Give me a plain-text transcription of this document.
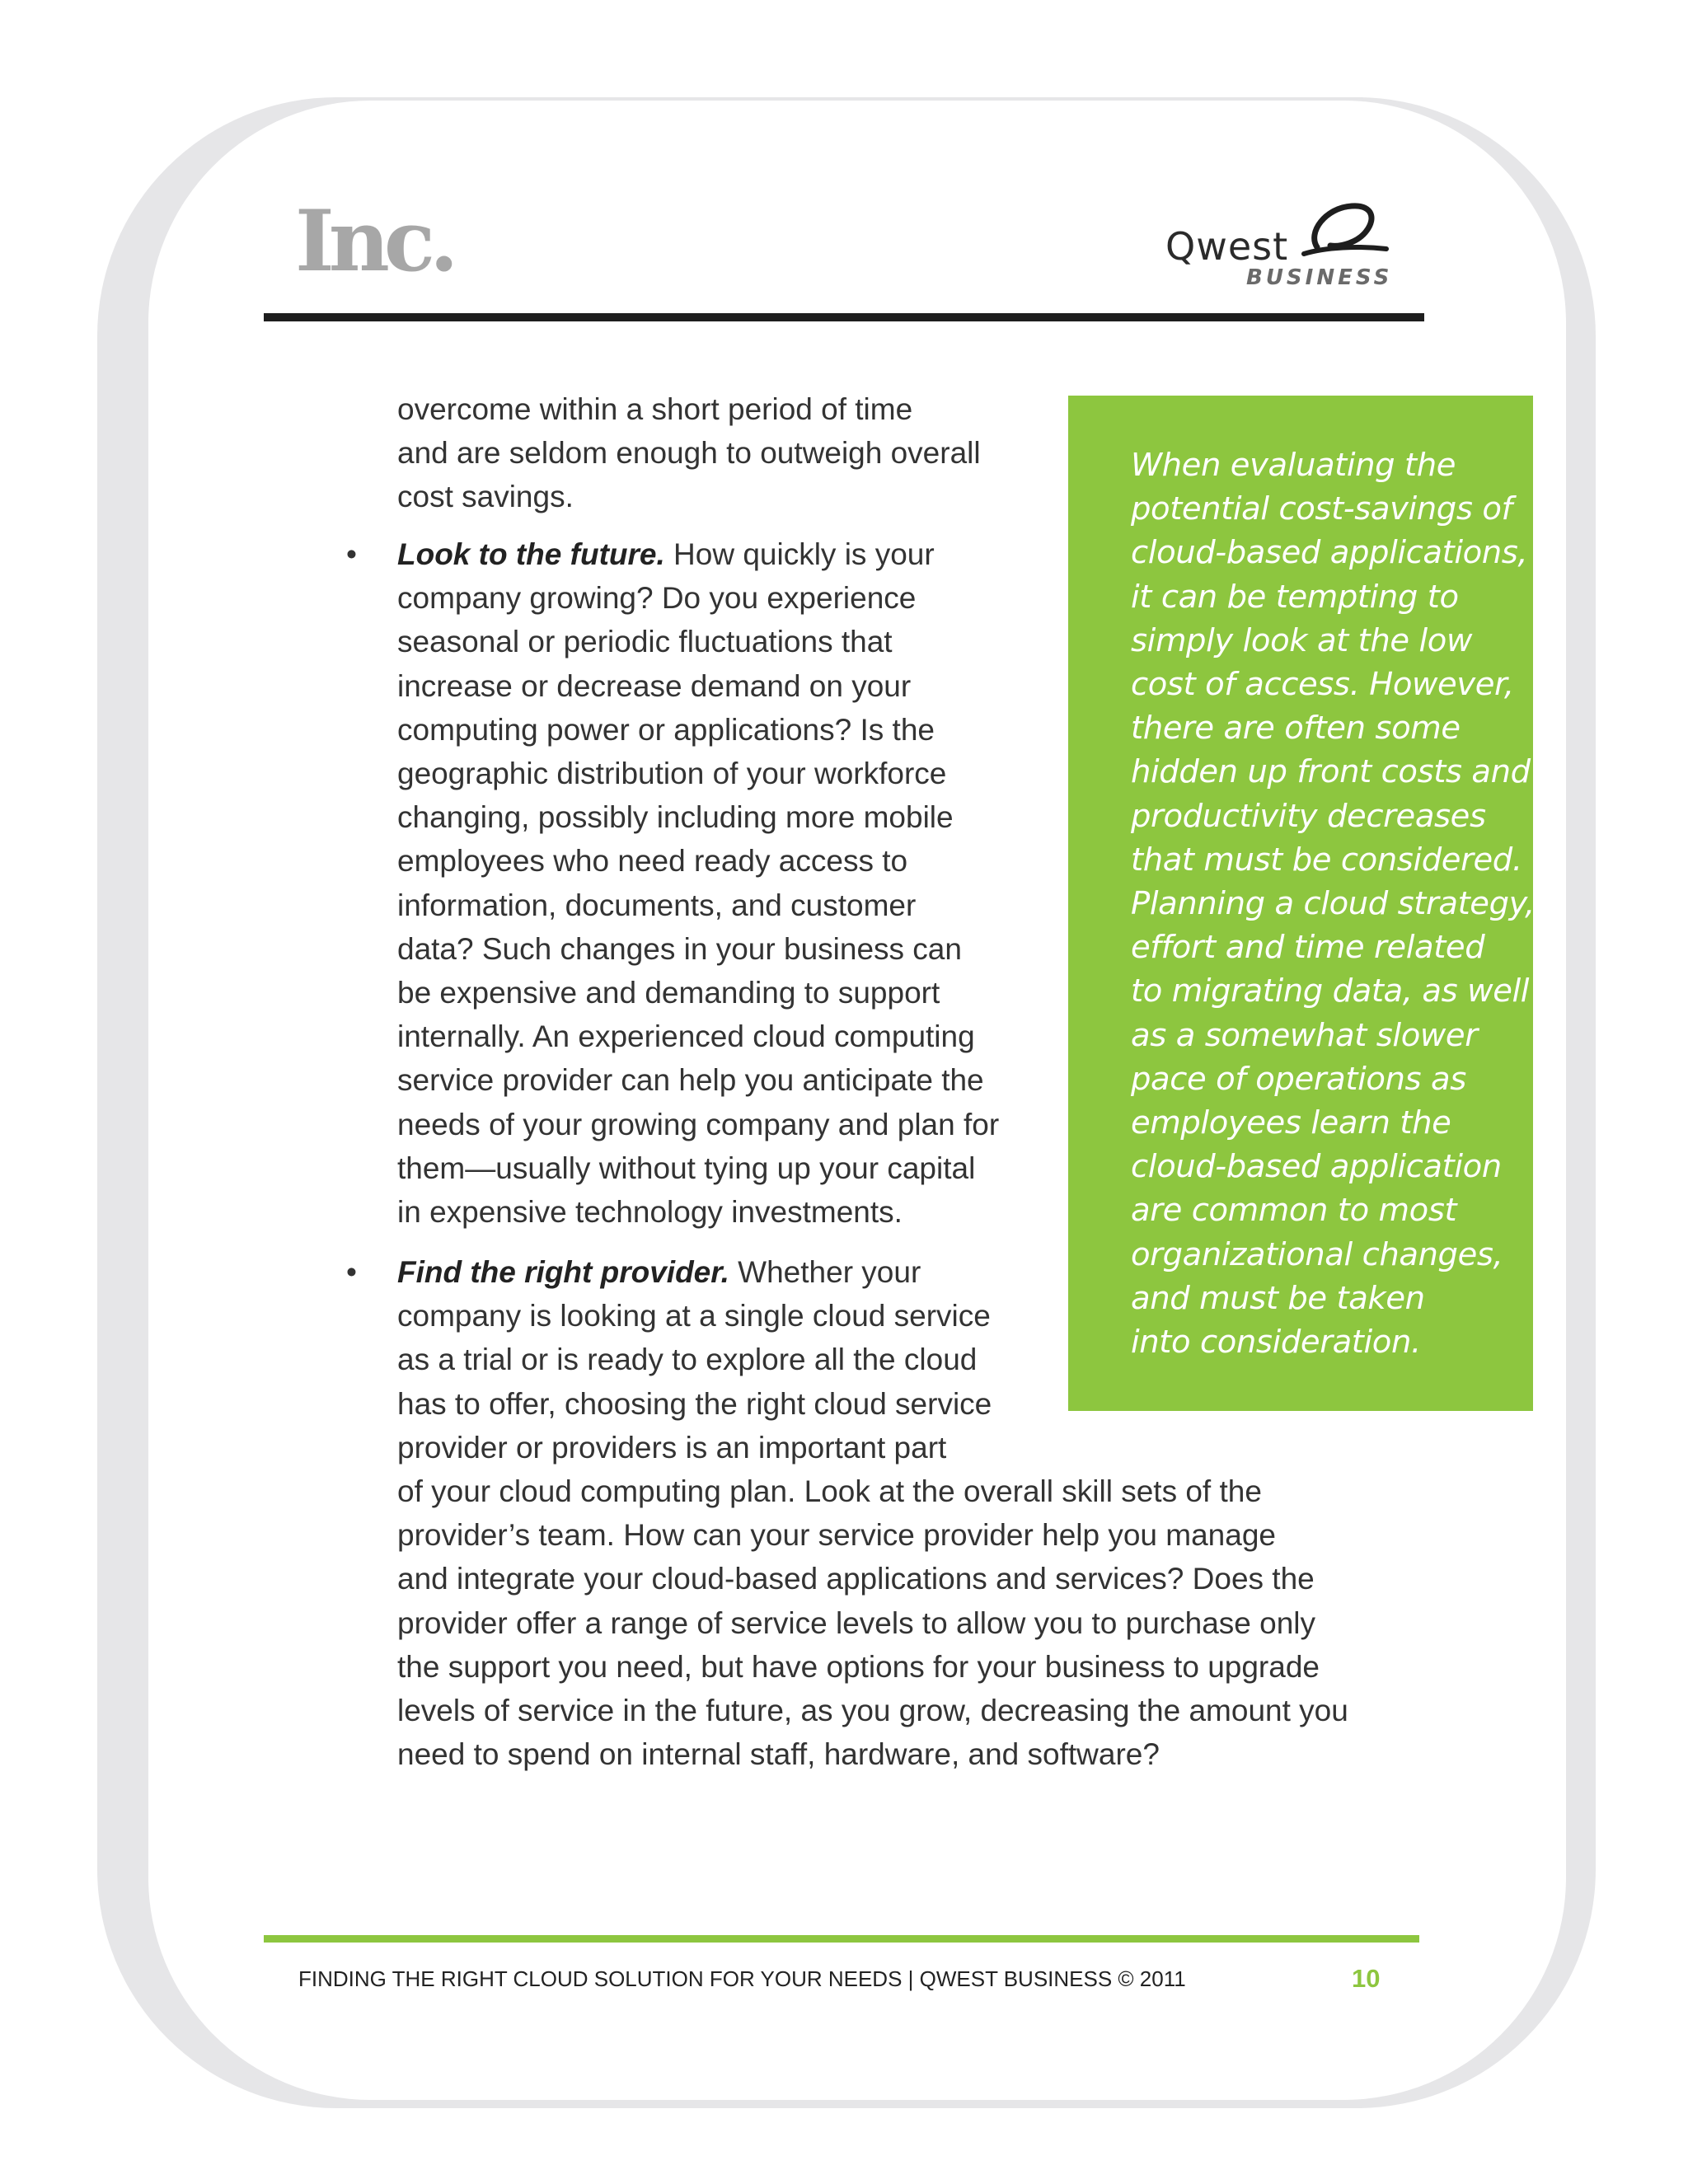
Inc.	Qwest
BUSINESS
overcome within a short period of time
and are seldom enough to outweigh overall
cost savings.
• Look to the future. How quickly is your
company growing? Do you experience
seasonal or periodic fluctuations that
increase or decrease demand on your
computing power or applications? Is the
geographic distribution of your workforce
changing, possibly including more mobile
employees who need ready access to
information, documents, and customer
data? Such changes in your business can
be expensive and demanding to support
internally. An experienced cloud computing
service provider can help you anticipate the
needs of your growing company and plan for
them—usually without tying up your capital
in expensive technology investments.
• Find the right provider. Whether your
company is looking at a single cloud service
as a trial or is ready to explore all the cloud
has to offer, choosing the right cloud service
provider or providers is an important part
of your cloud computing plan. Look at the overall skill sets of the
provider’s team. How can your service provider help you manage
and integrate your cloud-based applications and services? Does the
provider offer a range of service levels to allow you to purchase only
the support you need, but have options for your business to upgrade
levels of service in the future, as you grow, decreasing the amount you
need to spend on internal staff, hardware, and software?
When evaluating the
potential cost-savings of
cloud-based applications,
it can be tempting to
simply look at the low
cost of access. However,
there are often some
hidden up front costs and
productivity decreases
that must be considered.
Planning a cloud strategy,
effort and time related
to migrating data, as well
as a somewhat slower
pace of operations as
employees learn the
cloud-based application
are common to most
organizational changes,
and must be taken
into consideration.
FINDING THE RIGHT CLOUD SOLUTION FOR YOUR NEEDS | QWEST BUSINESS © 2011	10
